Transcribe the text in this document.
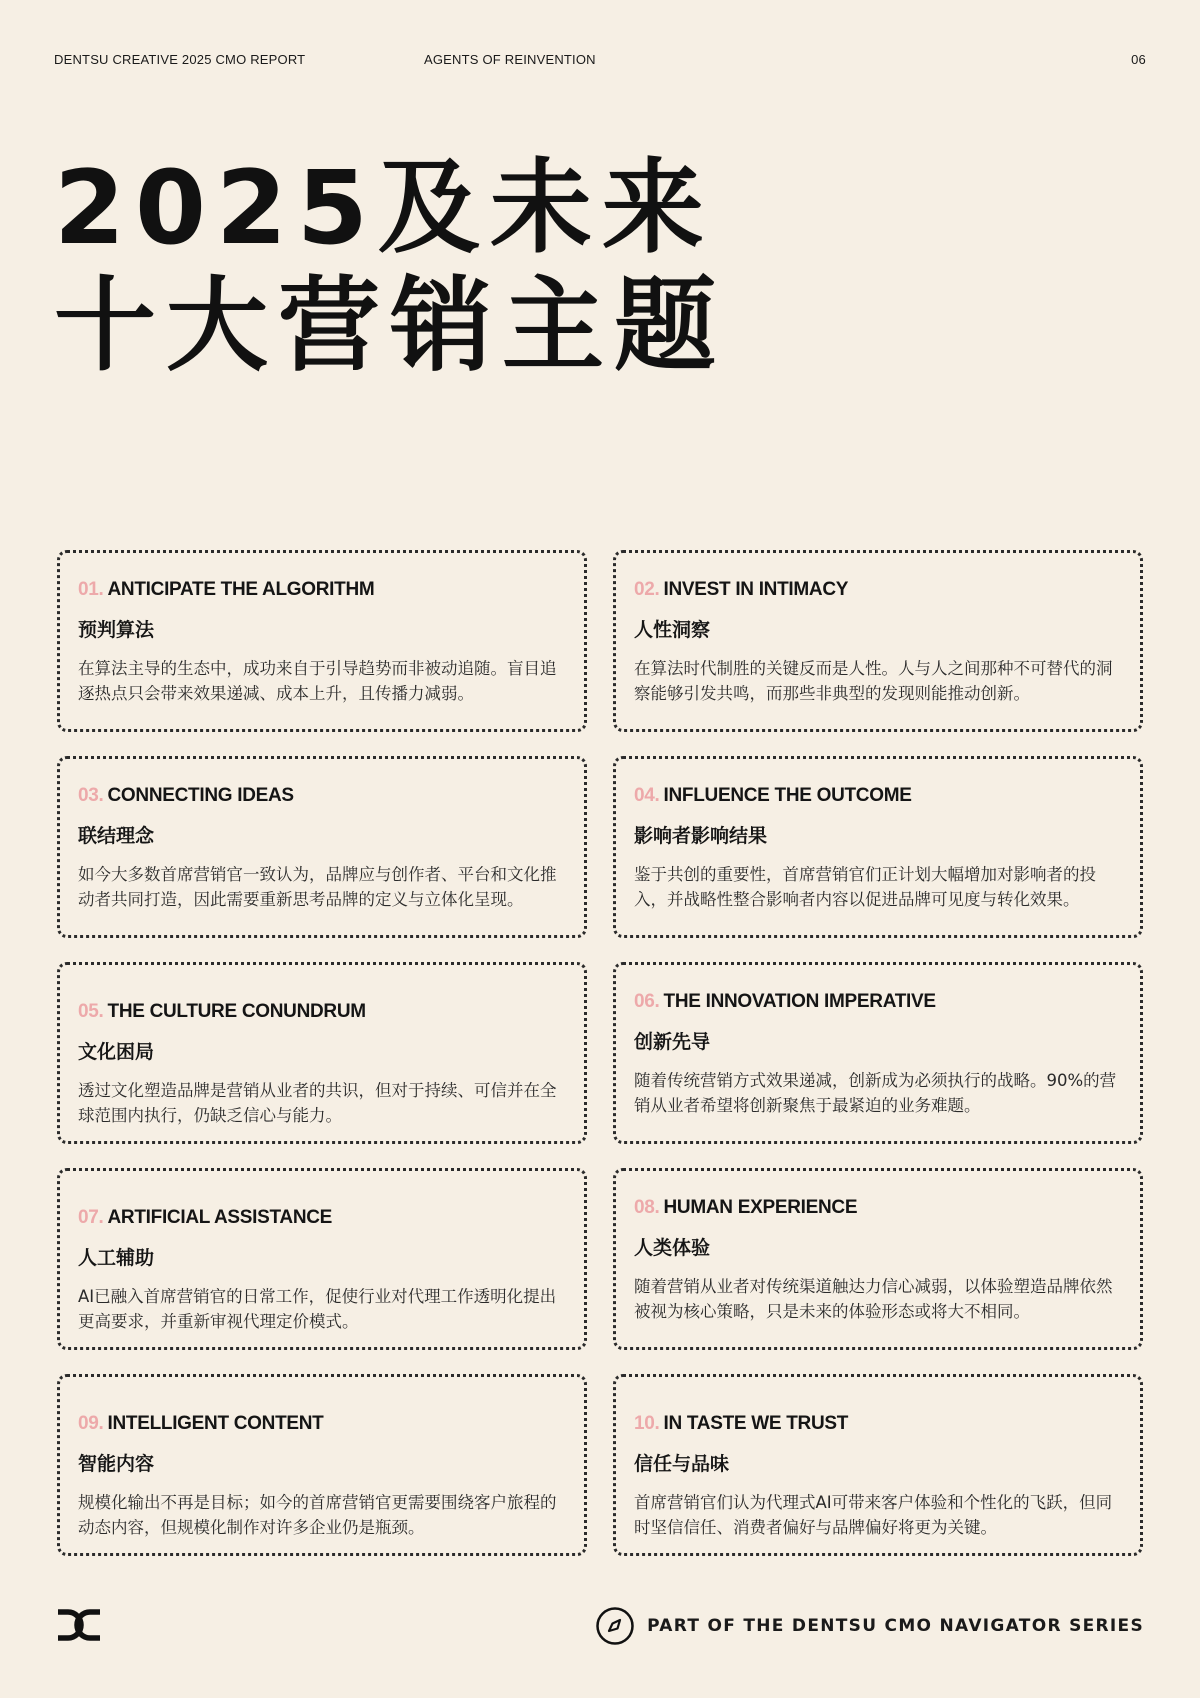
DENTSU CREATIVE 2025 CMO REPORT	AGENTS OF REINVENTION	06
2025及未来
十大营销主题
01. ANTICIPATE THE ALGORITHM
预判算法
在算法主导的生态中，成功来自于引导趋势而非被动追随。盲目追逐热点只会带来效果递减、成本上升，且传播力减弱。
02. INVEST IN INTIMACY
人性洞察
在算法时代制胜的关键反而是人性。人与人之间那种不可替代的洞察能够引发共鸣，而那些非典型的发现则能推动创新。
03. CONNECTING IDEAS
联结理念
如今大多数首席营销官一致认为，品牌应与创作者、平台和文化推动者共同打造，因此需要重新思考品牌的定义与立体化呈现。
04. INFLUENCE THE OUTCOME
影响者影响结果
鉴于共创的重要性，首席营销官们正计划大幅增加对影响者的投入，并战略性整合影响者内容以促进品牌可见度与转化效果。
05. THE CULTURE CONUNDRUM
文化困局
透过文化塑造品牌是营销从业者的共识，但对于持续、可信并在全球范围内执行，仍缺乏信心与能力。
06. THE INNOVATION IMPERATIVE
创新先导
随着传统营销方式效果递减，创新成为必须执行的战略。90%的营销从业者希望将创新聚焦于最紧迫的业务难题。
07. ARTIFICIAL ASSISTANCE
人工辅助
AI已融入首席营销官的日常工作，促使行业对代理工作透明化提出更高要求，并重新审视代理定价模式。
08. HUMAN EXPERIENCE
人类体验
随着营销从业者对传统渠道触达力信心减弱，以体验塑造品牌依然被视为核心策略，只是未来的体验形态或将大不相同。
09. INTELLIGENT CONTENT
智能内容
规模化输出不再是目标；如今的首席营销官更需要围绕客户旅程的动态内容，但规模化制作对许多企业仍是瓶颈。
10. IN TASTE WE TRUST
信任与品味
首席营销官们认为代理式AI可带来客户体验和个性化的飞跃，但同时坚信信任、消费者偏好与品牌偏好将更为关键。
PART OF THE DENTSU CMO NAVIGATOR SERIES
